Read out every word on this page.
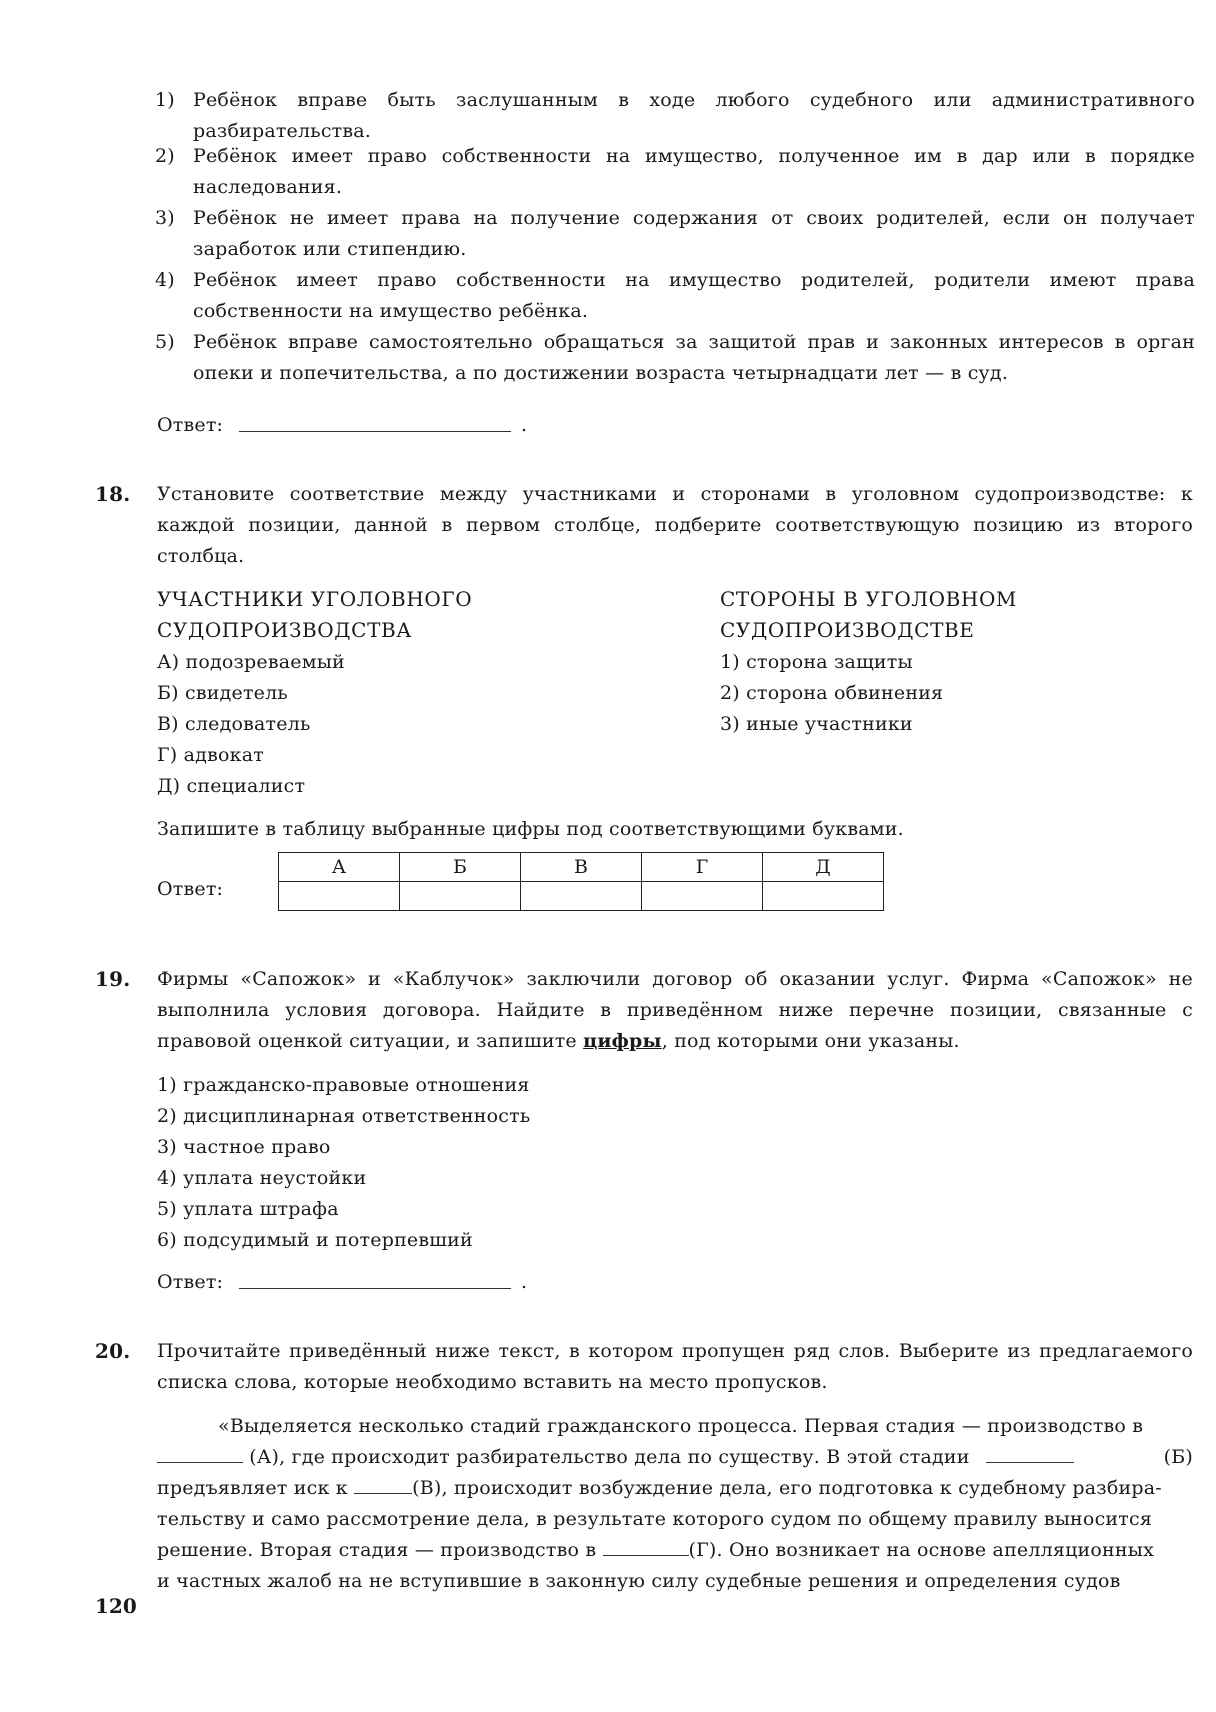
1) Ребёнок вправе быть заслушанным в ходе любого судебного или административного разбирательства.
2) Ребёнок имеет право собственности на имущество, полученное им в дар или в порядке наследования.
3) Ребёнок не имеет права на получение содержания от своих родителей, если он получает заработок или стипендию.
4) Ребёнок имеет право собственности на имущество родителей, родители имеют права собственности на имущество ребёнка.
5) Ребёнок вправе самостоятельно обращаться за защитой прав и законных интересов в орган опеки и попечительства, а по достижении возраста четырнадцати лет — в суд.
Ответ:	.
18. Установите соответствие между участниками и сторонами в уголовном судопроизводстве: к каждой позиции, данной в первом столбце, подберите соответствующую позицию из второго столбца.
УЧАСТНИКИ УГОЛОВНОГО
СУДОПРОИЗВОДСТВА
СТОРОНЫ В УГОЛОВНОМ
СУДОПРОИЗВОДСТВЕ
А) подозреваемый
Б) свидетель
В) следователь
Г) адвокат
Д) специалист
1) сторона защиты
2) сторона обвинения
3) иные участники
Запишите в таблицу выбранные цифры под соответствующими буквами.
Ответ:
А	Б	В	Г	Д

19. Фирмы «Сапожок» и «Каблучок» заключили договор об оказании услуг. Фирма «Сапожок» не выполнила условия договора. Найдите в приведённом ниже перечне позиции, связанные с правовой оценкой ситуации, и запишите цифры, под которыми они указаны.
1) гражданско-правовые отношения
2) дисциплинарная ответственность
3) частное право
4) уплата неустойки
5) уплата штрафа
6) подсудимый и потерпевший
Ответ:	.
20. Прочитайте приведённый ниже текст, в котором пропущен ряд слов. Выберите из предлагаемого списка слова, которые необходимо вставить на место пропусков.
«Выделяется несколько стадий гражданского процесса. Первая стадия — производство в
(А), где происходит разбирательство дела по существу. В этой стадии	(Б)
предъявляет иск к	(В), происходит возбуждение дела, его подготовка к судебному разбира-
тельству и само рассмотрение дела, в результате которого судом по общему правилу выносится
решение. Вторая стадия — производство в	(Г). Оно возникает на основе апелляционных
и частных жалоб на не вступившие в законную силу судебные решения и определения судов
120
